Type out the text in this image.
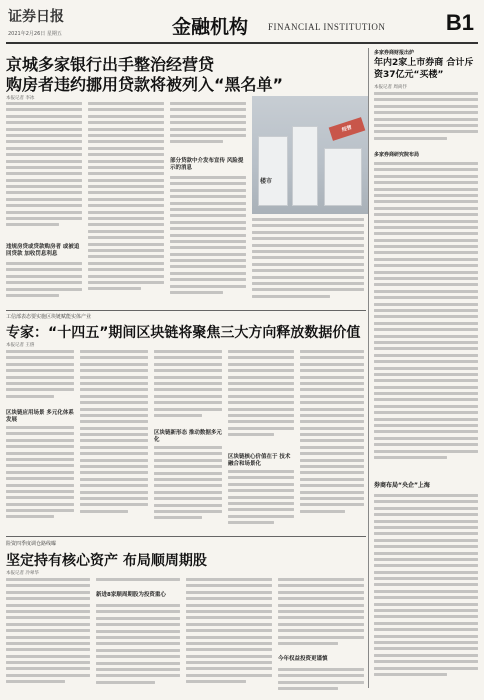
证券日报
2021年2月26日 星期五	金融机构 FINANCIAL INSTITUTION	B1
京城多家银行出手整治经营贷
购房者违约挪用贷款将被列入“黑名单”
本报记者 李冰
违规房贷或贷款购房者 或被追回贷款 加收罚息利息
部分贷款中介发布宣传 风险提示的消息
经营
楼市
工信部表态要实施区块链赋能实体产业
专家：“十四五”期间区块链将聚焦三大方向释放数据价值
本报记者 王僖
区块链应用场景 多元化体系发展
区块链新形态 推动数据多元化
区块链核心价值在于 技术融合和场景化
险资四季度调仓路线曝
坚定持有核心资产 布局顺周期股
本报记者 冷翠华
新进8家顺周期股为投资重心
今年权益投资更谨慎
多家券商财报出炉
年内2家上市券商 合计斥资37亿元“买楼”
本报记者 周尚伃
多家券商研究院布局
券商布局“央企”上海
